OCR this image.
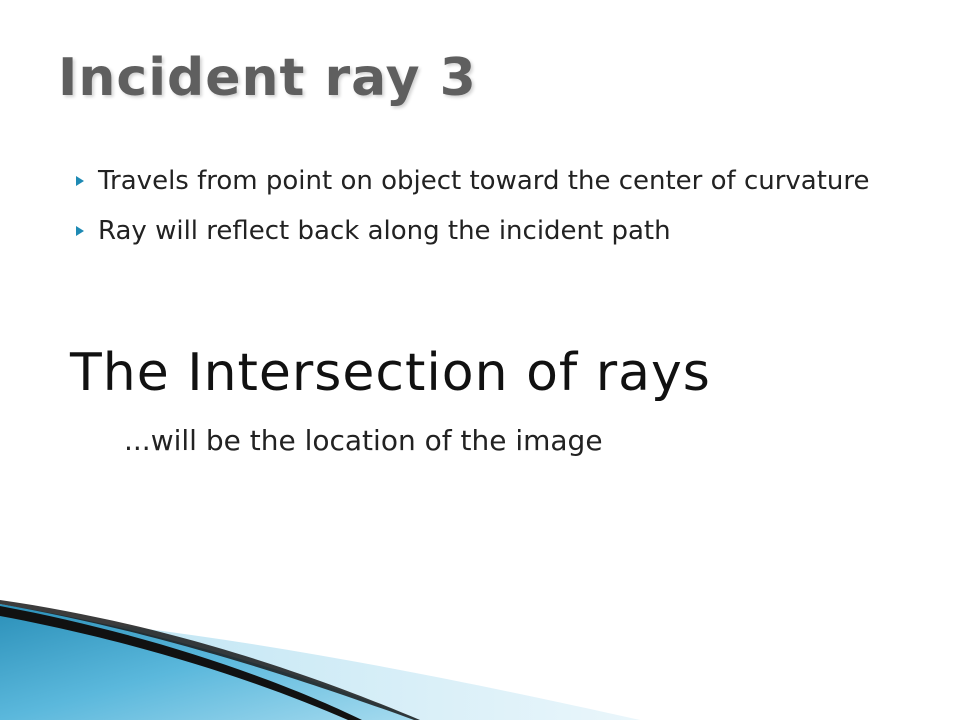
Incident ray 3
Travels from point on object toward the center of curvature
Ray will reflect back along the incident path
The Intersection of rays

...will be the location of the image
